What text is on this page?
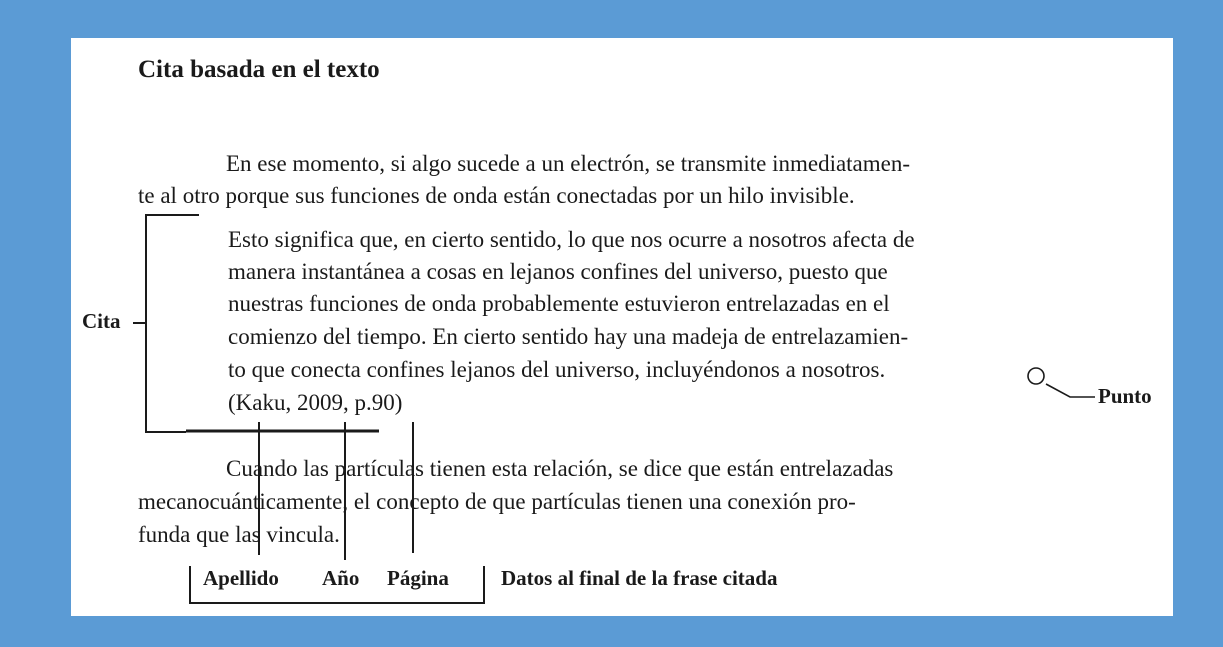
Cita basada en el texto
En ese momento, si algo sucede a un electrón, se transmite inmediatamen-
te al otro porque sus funciones de onda están conectadas por un hilo invisible.
Esto significa que, en cierto sentido, lo que nos ocurre a nosotros afecta de
manera instantánea a cosas en lejanos confines del universo, puesto que
nuestras funciones de onda probablemente estuvieron entrelazadas en el
comienzo del tiempo. En cierto sentido hay una madeja de entrelazamien-
to que conecta confines lejanos del universo, incluyéndonos a nosotros.
(Kaku, 2009, p.90)
Cuando las partículas tienen esta relación, se dice que están entrelazadas
mecanocuánticamente, el concepto de que partículas tienen una conexión pro-
funda que las vincula.
Cita
Punto
Apellido Año Página Datos al final de la frase citada
